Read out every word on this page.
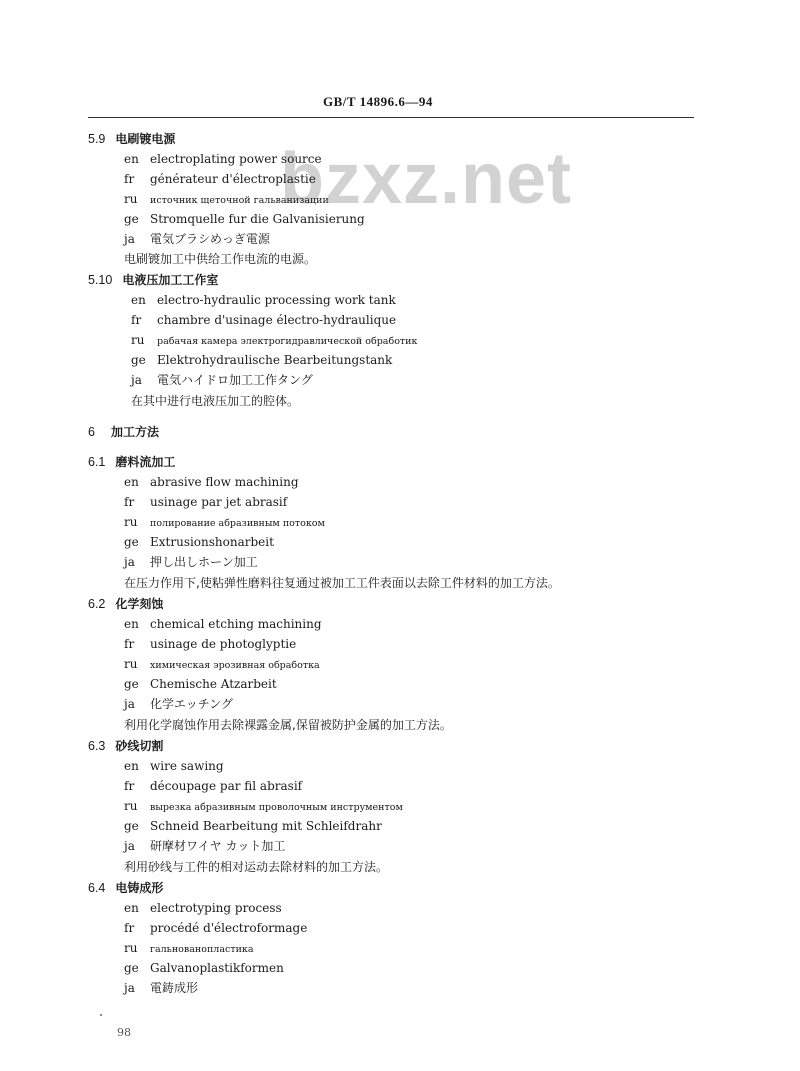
GB/T 14896.6—94
bzxz.net
5.9 电刷镀电源
en electroplating power source
fr générateur d'électroplastie
ru источник щеточной гальванизации
ge Stromquelle fur die Galvanisierung
ja 電気ブラシめっぎ電源
电刷镀加工中供给工作电流的电源。
5.10 电液压加工工作室
en electro-hydraulic processing work tank
fr chambre d'usinage électro-hydraulique
ru рабачая камера электрогидравлической обработик
ge Elektrohydraulische Bearbeitungstank
ja 電気ハイドロ加工工作タング
在其中进行电液压加工的腔体。
6 加工方法
6.1 磨料流加工
en abrasive flow machining
fr usinage par jet abrasif
ru полирование абразивным потоком
ge Extrusionshonarbeit
ja 押し出しホーン加工
在压力作用下,使粘弹性磨料往复通过被加工工件表面以去除工件材料的加工方法。
6.2 化学刻蚀
en chemical etching machining
fr usinage de photoglyptie
ru химическая эрозивная обработка
ge Chemische Atzarbeit
ja 化学エッチング
利用化学腐蚀作用去除裸露金属,保留被防护金属的加工方法。
6.3 砂线切割
en wire sawing
fr découpage par fil abrasif
ru вырезка абразивным проволочным инструментом
ge Schneid Bearbeitung mit Schleifdrahr
ja 研摩材ワイヤ カット加工
利用砂线与工件的相对运动去除材料的加工方法。
6.4 电铸成形
en electrotyping process
fr procédé d'électroformage
ru гальнованопластика
ge Galvanoplastikformen
ja 電鋳成形
98
